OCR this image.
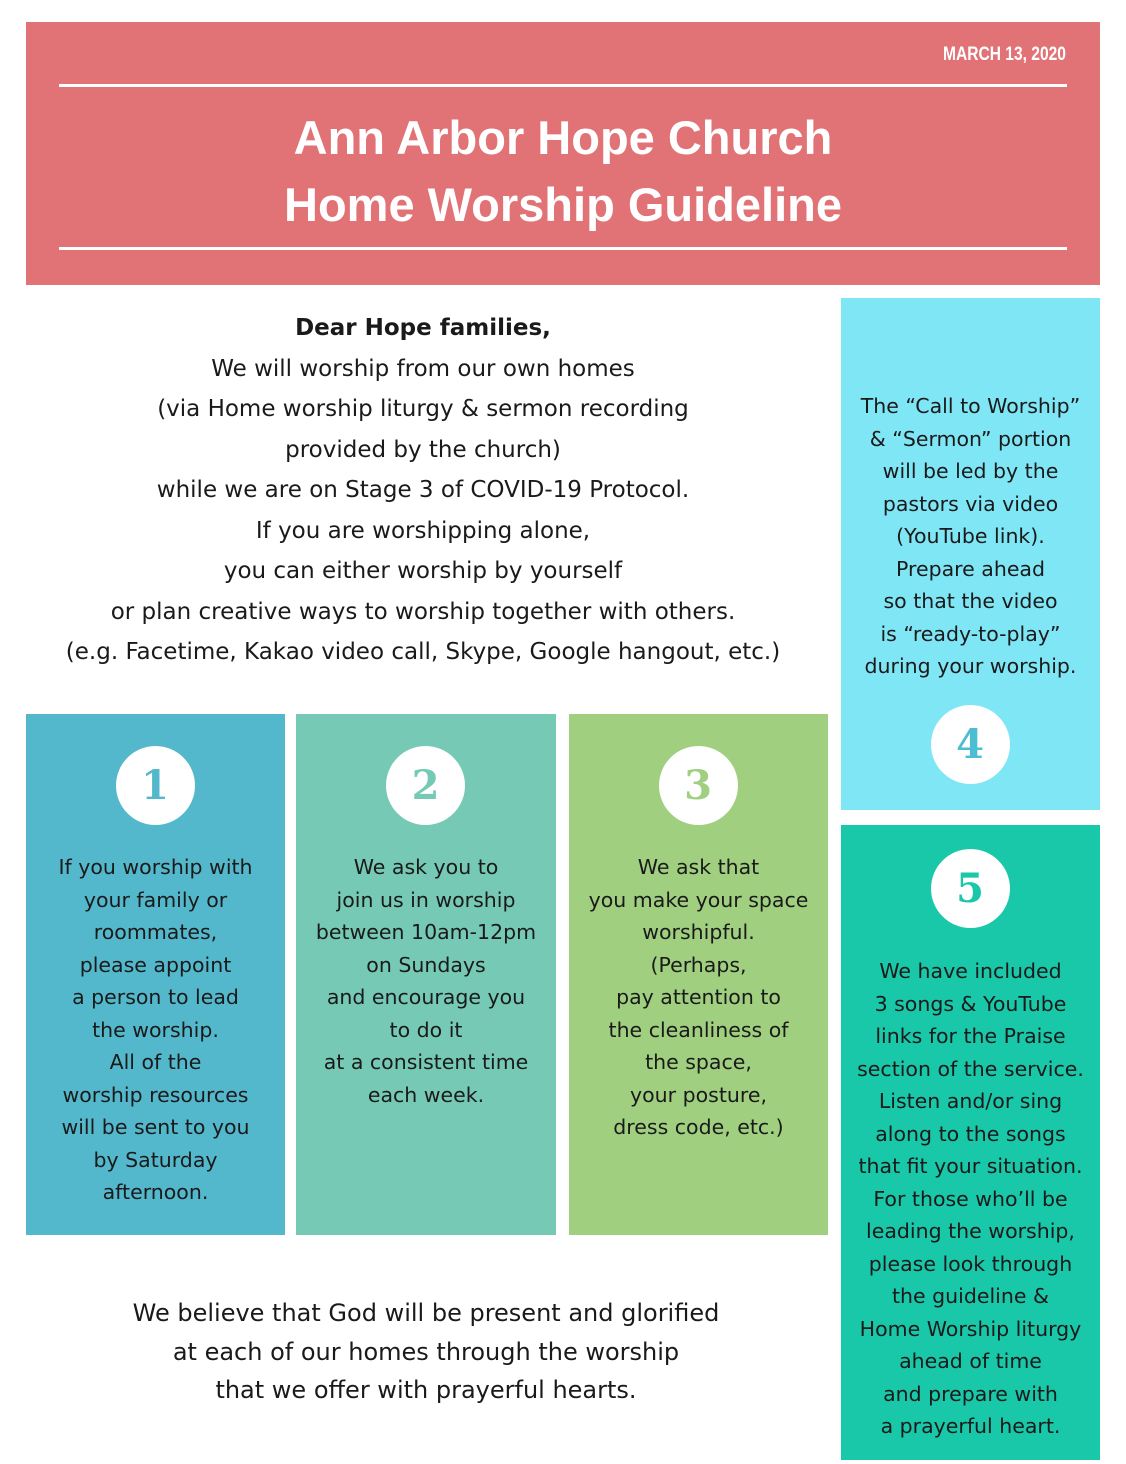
MARCH 13, 2020
Ann Arbor Hope Church
Home Worship Guideline
Dear Hope families,
We will worship from our own homes
(via Home worship liturgy & sermon recording
provided by the church)
while we are on Stage 3 of COVID-19 Protocol.
If you are worshipping alone,
you can either worship by yourself
or plan creative ways to worship together with others.
(e.g. Facetime, Kakao video call, Skype, Google hangout, etc.)
1
If you worship with
your family or
roommates,
please appoint
a person to lead
the worship.
All of the
worship resources
will be sent to you
by Saturday
afternoon.
2
We ask you to
join us in worship
between 10am-12pm
on Sundays
and encourage you
to do it
at a consistent time
each week.
3
We ask that
you make your space
worshipful.
(Perhaps,
pay attention to
the cleanliness of
the space,
your posture,
dress code, etc.)
The “Call to Worship”
& “Sermon” portion
will be led by the
pastors via video
(YouTube link).
Prepare ahead
so that the video
is “ready-to-play”
during your worship.
4
5
We have included
3 songs & YouTube
links for the Praise
section of the service.
Listen and/or sing
along to the songs
that fit your situation.
For those who’ll be
leading the worship,
please look through
the guideline &
Home Worship liturgy
ahead of time
and prepare with
a prayerful heart.
We believe that God will be present and glorified
at each of our homes through the worship
that we offer with prayerful hearts.
